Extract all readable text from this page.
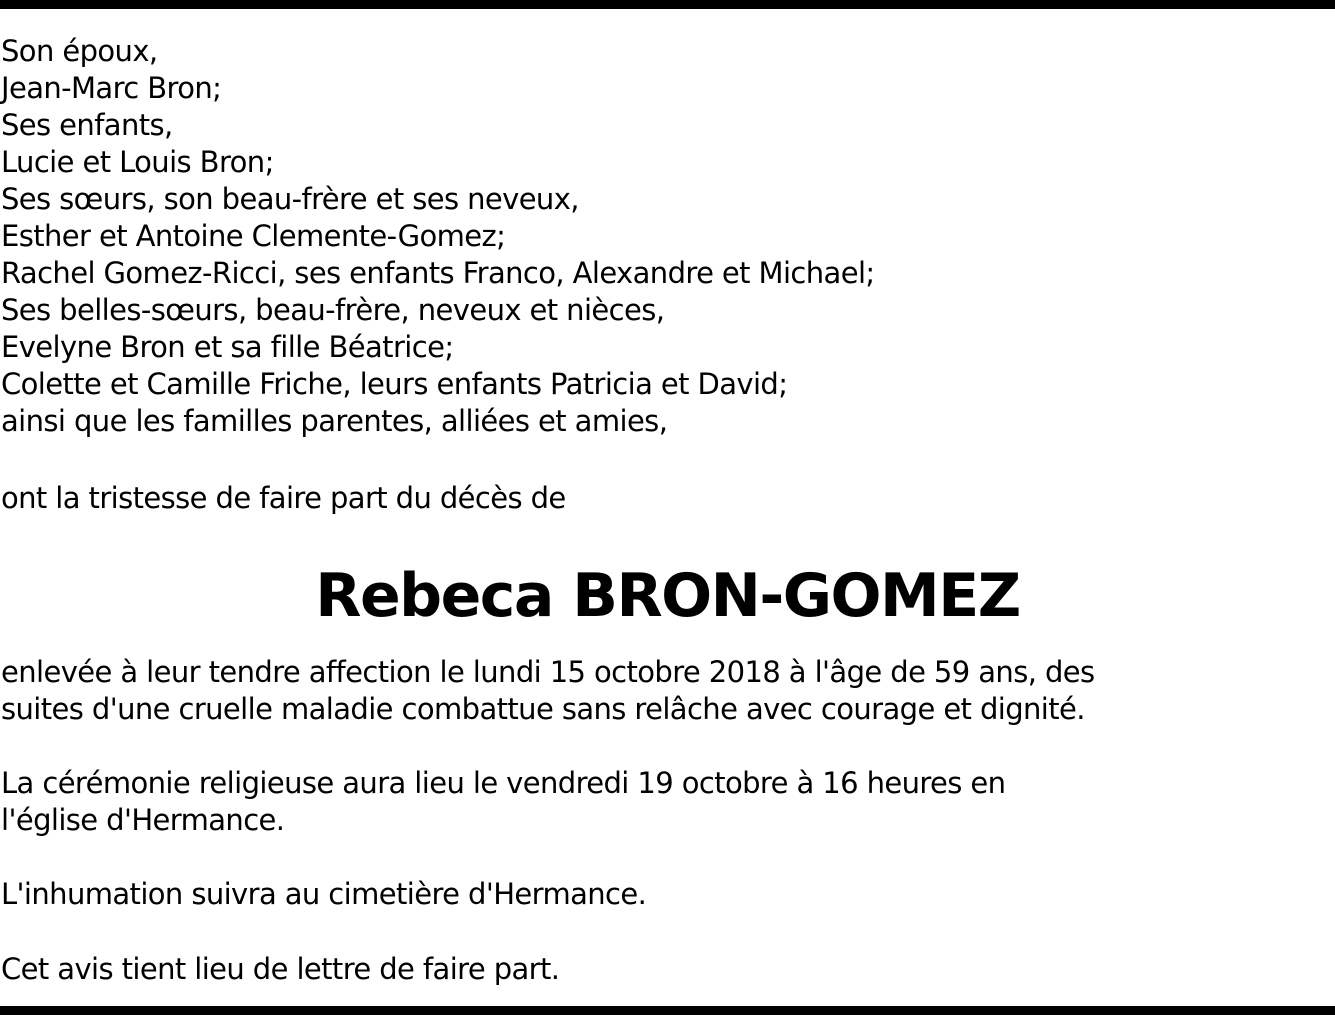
Son époux,
Jean-Marc Bron;
Ses enfants,
Lucie et Louis Bron;
Ses sœurs, son beau-frère et ses neveux,
Esther et Antoine Clemente-Gomez;
Rachel Gomez-Ricci, ses enfants Franco, Alexandre et Michael;
Ses belles-sœurs, beau-frère, neveux et nièces,
Evelyne Bron et sa fille Béatrice;
Colette et Camille Friche, leurs enfants Patricia et David;
ainsi que les familles parentes, alliées et amies,
ont la tristesse de faire part du décès de
Rebeca BRON-GOMEZ
enlevée à leur tendre affection le lundi 15 octobre 2018 à l'âge de 59 ans, des
suites d'une cruelle maladie combattue sans relâche avec courage et dignité.
La cérémonie religieuse aura lieu le vendredi 19 octobre à 16 heures en
l'église d'Hermance.
L'inhumation suivra au cimetière d'Hermance.
Cet avis tient lieu de lettre de faire part.
